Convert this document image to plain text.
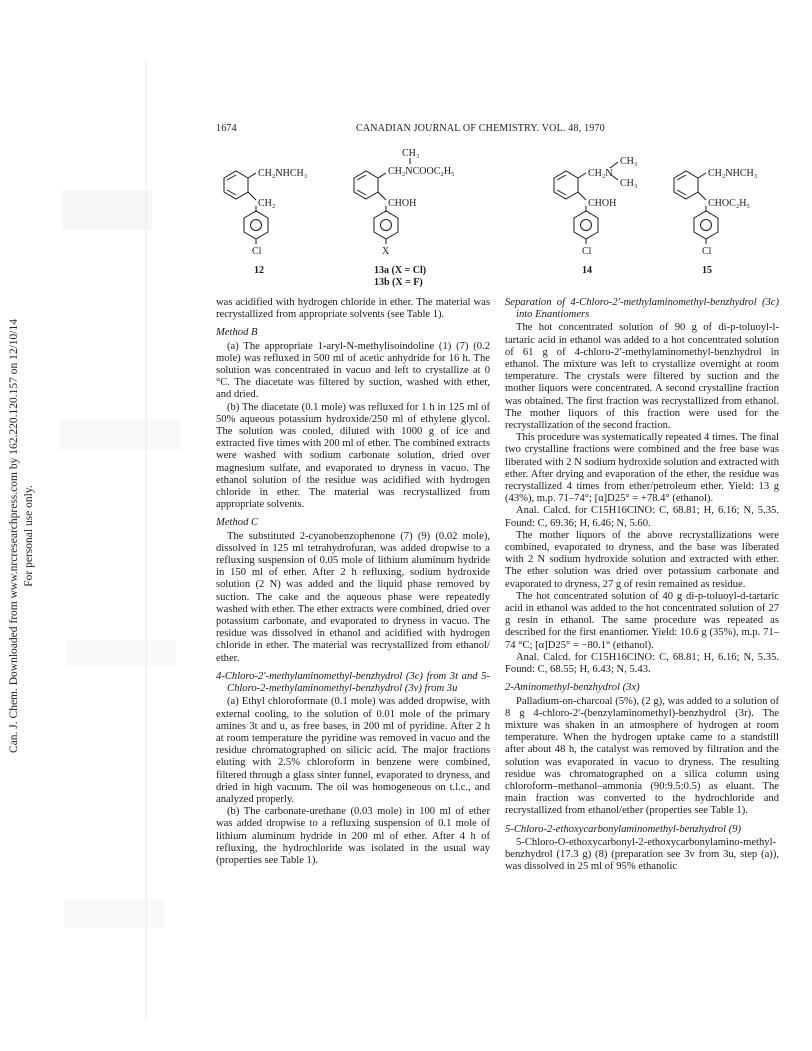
Can. J. Chem. Downloaded from www.nrcresearchpress.com by 162.220.120.157 on 12/10/14 For personal use only.
1674	CANADIAN JOURNAL OF CHEMISTRY. VOL. 48, 1970
CH₂NHCH₃
CH₂
Cl
12
CH₃
CH₂NCOOC₂H₅
CHOH
X
13a (X = Cl)
13b (X = F)
CH₃
CH₃
CH₂N
CHOH
Cl
14
CH₂NHCH₃
CHOC₂H₅
Cl
15

was acidified with hydrogen chloride in ether. The material was recrystallized from appropriate solvents (see Table 1).

Method B

(a) The appropriate 1-aryl-N-methylisoindoline (1) (7) (0.2 mole) was refluxed in 500 ml of acetic anhydride for 16 h. The solution was concentrated in vacuo and left to crystallize at 0 °C. The diacetate was filtered by suction, washed with ether, and dried.

(b) The diacetate (0.1 mole) was refluxed for 1 h in 125 ml of 50% aqueous potassium hydroxide/250 ml of ethylene glycol. The solution was cooled, diluted with 1000 g of ice and extracted five times with 200 ml of ether. The combined extracts were washed with sodium carbonate solution, dried over magnesium sulfate, and evaporated to dryness in vacuo. The ethanol solution of the residue was acidified with hydrogen chloride in ether. The material was recrystallized from appropriate solvents.

Method C

The substituted 2-cyanobenzophenone (7) (9) (0.02 mole), dissolved in 125 ml tetrahydrofuran, was added dropwise to a refluxing suspension of 0.05 mole of lithium aluminum hydride in 150 ml of ether. After 2 h refluxing, sodium hydroxide solution (2 N) was added and the liquid phase removed by suction. The cake and the aqueous phase were repeatedly washed with ether. The ether extracts were combined, dried over potassium carbonate, and evaporated to dryness in vacuo. The residue was dissolved in ethanol and acidified with hydrogen chloride in ether. The material was recrystallized from ethanol/ ether.

4-Chloro-2′-methylaminomethyl-benzhydrol (3c) from 3t and 5-Chloro-2-methylaminomethyl-benzhydrol (3v) from 3u

(a) Ethyl chloroformate (0.1 mole) was added dropwise, with external cooling, to the solution of 0.01 mole of the primary amines 3t and u, as free bases, in 200 ml of pyridine. After 2 h at room temperature the pyridine was removed in vacuo and the residue chromatographed on silicic acid. The major fractions eluting with 2.5% chloroform in benzene were combined, filtered through a glass sinter funnel, evaporated to dryness, and dried in high vacuum. The oil was homogeneous on t.l.c., and analyzed properly.

(b) The carbonate-urethane (0.03 mole) in 100 ml of ether was added dropwise to a refluxing suspension of 0.1 mole of lithium aluminum hydride in 200 ml of ether. After 4 h of refluxing, the hydrochloride was isolated in the usual way (properties see Table 1).

Separation of 4-Chloro-2′-methylaminomethyl-benzhydrol (3c) into Enantiomers

The hot concentrated solution of 90 g of di-p-toluoyl-l-tartaric acid in ethanol was added to a hot concentrated solution of 61 g of 4-chloro-2′-methylaminomethyl-benzhydrol in ethanol. The mixture was left to crystallize overnight at room temperature. The crystals were filtered by suction and the mother liquors were concentrated. A second crystalline fraction was obtained. The first fraction was recrystallized from ethanol. The mother liquors of this fraction were used for the recrystallization of the second fraction.

This procedure was systematically repeated 4 times. The final two crystalline fractions were combined and the free base was liberated with 2 N sodium hydroxide solution and extracted with ether. After drying and evaporation of the ether, the residue was recrystallized 4 times from ether/petroleum ether. Yield: 13 g (43%), m.p. 71–74°; [α]D25° = +78.4° (ethanol).

Anal. Calcd. for C15H16ClNO: C, 68.81; H, 6.16; N, 5.35. Found: C, 69.36; H, 6.46; N, 5.60.

The mother liquors of the above recrystallizations were combined, evaporated to dryness, and the base was liberated with 2 N sodium hydroxide solution and extracted with ether. The ether solution was dried over potassium carbonate and evaporated to dryness, 27 g of resin remained as residue.

The hot concentrated solution of 40 g di-p-toluoyl-d-tartaric acid in ethanol was added to the hot concentrated solution of 27 g resin in ethanol. The same procedure was repeated as described for the first enantiomer. Yield: 10.6 g (35%), m.p. 71–74 °C; [α]D25° = −80.1° (ethanol).

Anal. Calcd. for C15H16ClNO: C, 68.81; H, 6.16; N, 5.35. Found: C, 68.55; H, 6.43; N, 5.43.

2-Aminomethyl-benzhydrol (3x)

Palladium-on-charcoal (5%), (2 g), was added to a solution of 8 g 4-chloro-2′-(benzylaminomethyl)-benzhydrol (3r). The mixture was shaken in an atmosphere of hydrogen at room temperature. When the hydrogen uptake came to a standstill after about 48 h, the catalyst was removed by filtration and the solution was evaporated in vacuo to dryness. The resulting residue was chromatographed on a silica column using chloroform–methanol–ammonia (90:9.5:0.5) as eluant. The main fraction was converted to the hydrochloride and recrystallized from ethanol/ether (properties see Table 1).

5-Chloro-2-ethoxycarbonylaminomethyl-benzhydrol (9)

5-Chloro-O-ethoxycarbonyl-2-ethoxycarbonylamino-methyl-benzhydrol (17.3 g) (8) (preparation see 3v from 3u, step (a)), was dissolved in 25 ml of 95% ethanolic
